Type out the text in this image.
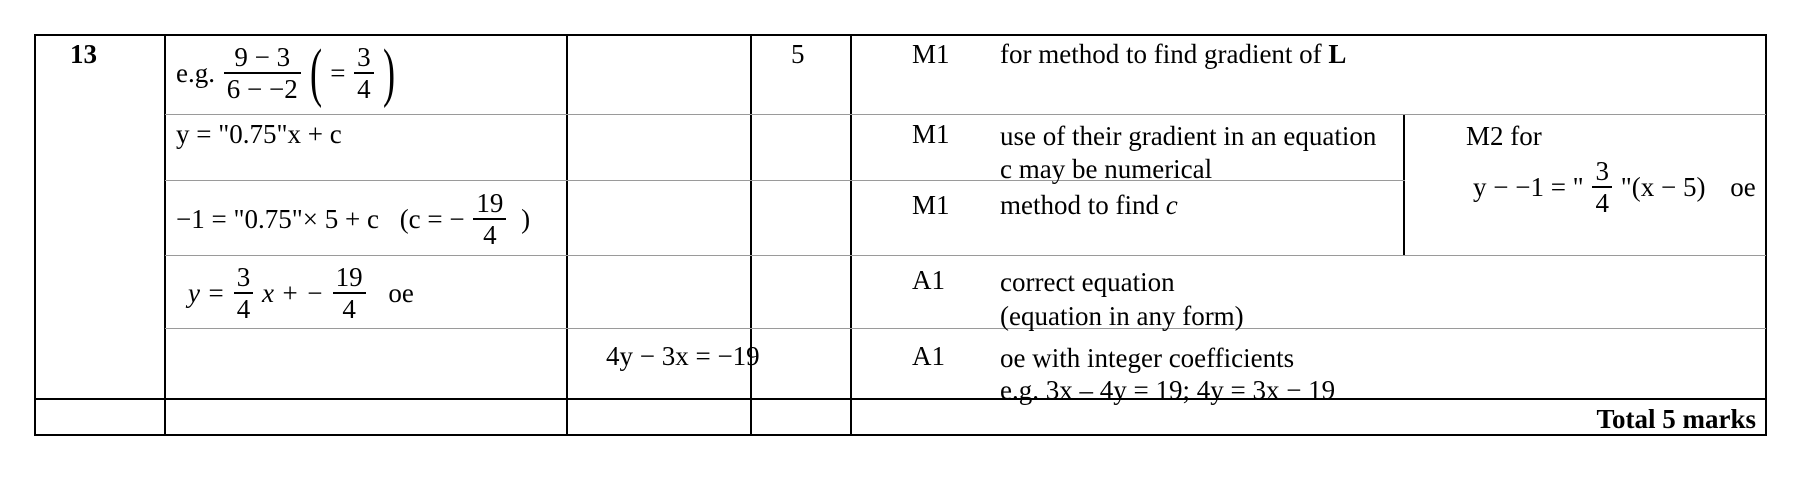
13	5
e.g. $\frac{9 - 3}{6 - -2}$ ( = $\frac{3}{4}$ )
y = "0.75"x + c
−1 = "0.75"× 5 + c (c = − $\frac{19}{4}$ )
$y = \frac{3}{4}$ x + − $\frac{19}{4}$ oe
4y − 3x = −19
M1
M1
M1
A1
A1
for method to find gradient of L
use of their gradient in an equation
c may be numerical
method to find c
correct equation
(equation in any form)
oe with integer coefficients
e.g. 3x – 4y = 19; 4y = 3x − 19
M2 for
y − −1 = " $\frac{3}{4}$ "(x − 5) oe
Total 5 marks
